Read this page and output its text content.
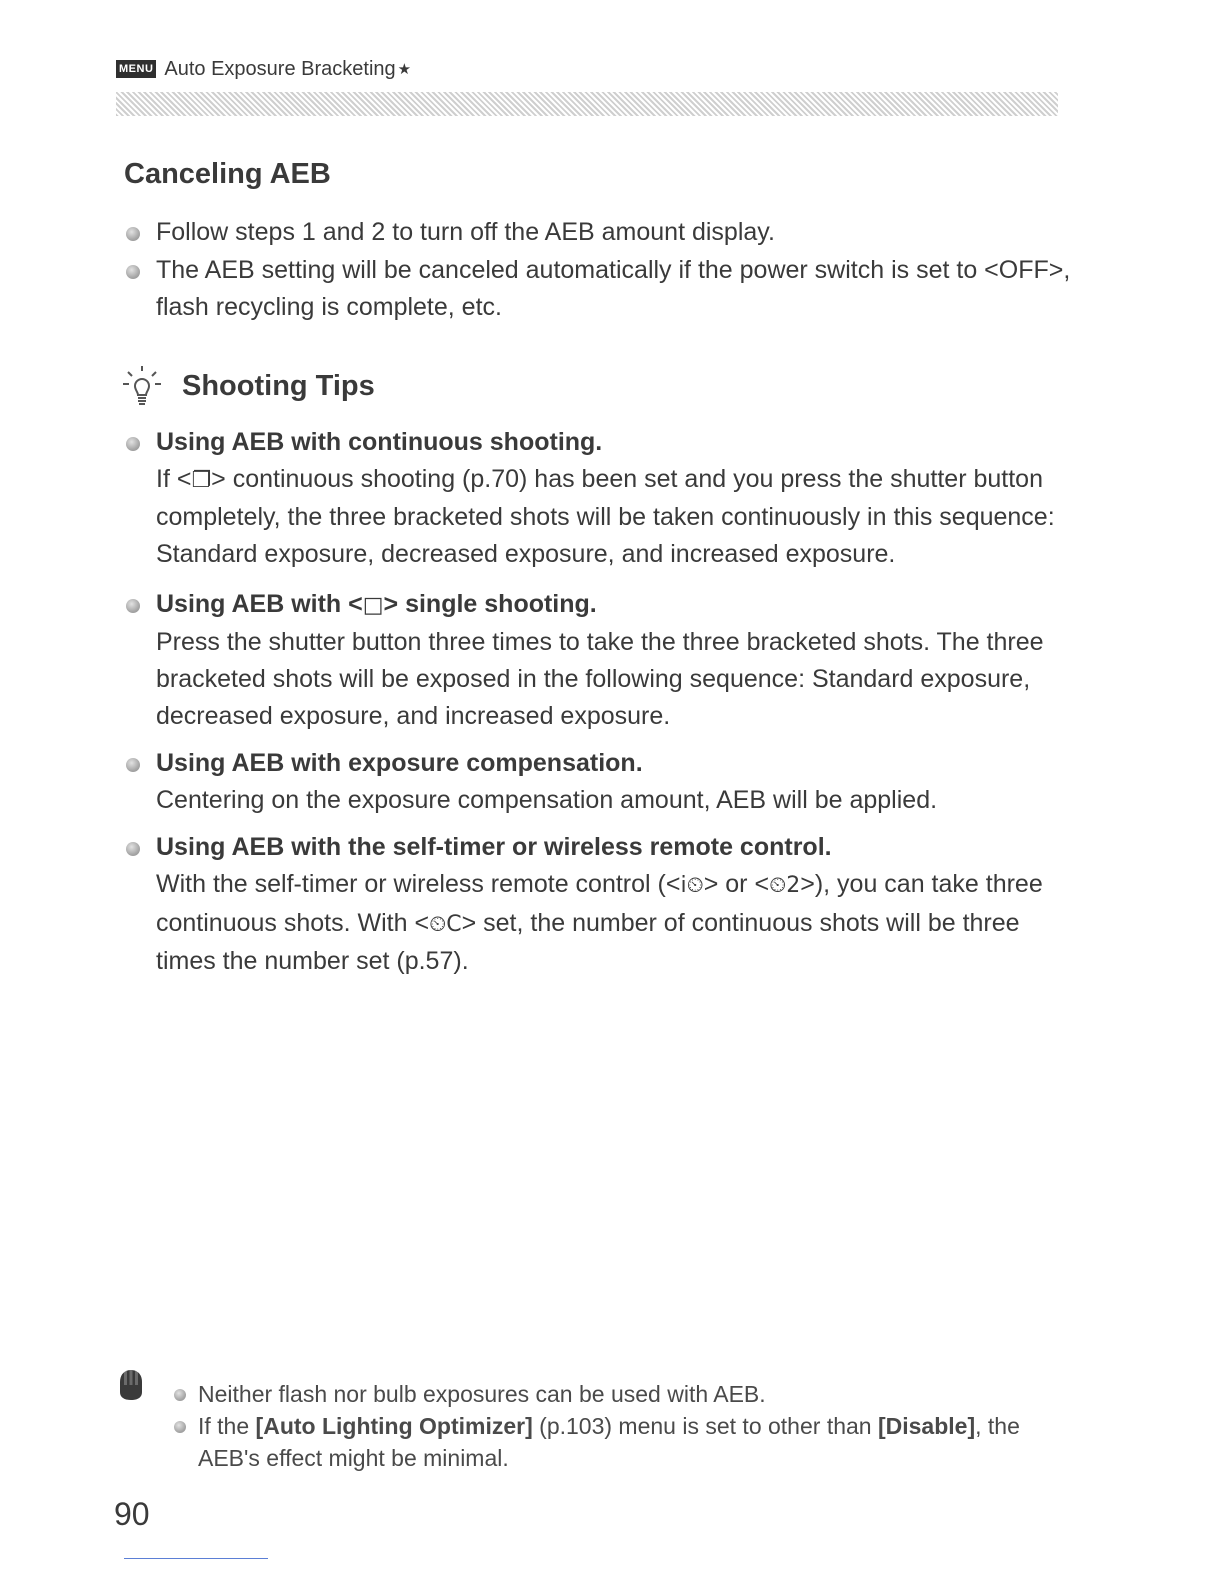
MENU Auto Exposure Bracketing ★
Canceling AEB
Follow steps 1 and 2 to turn off the AEB amount display.
The AEB setting will be canceled automatically if the power switch is set to <OFF>, flash recycling is complete, etc.
Shooting Tips
Using AEB with continuous shooting.
If <❐> continuous shooting (p.70) has been set and you press the shutter button completely, the three bracketed shots will be taken continuously in this sequence: Standard exposure, decreased exposure, and increased exposure.
Using AEB with <□> single shooting.
Press the shutter button three times to take the three bracketed shots. The three bracketed shots will be exposed in the following sequence: Standard exposure, decreased exposure, and increased exposure.
Using AEB with exposure compensation.
Centering on the exposure compensation amount, AEB will be applied.
Using AEB with the self-timer or wireless remote control.
With the self-timer or wireless remote control (<ⅰ⏲> or <⏲2>), you can take three continuous shots. With <⏲C> set, the number of continuous shots will be three times the number set (p.57).
Neither flash nor bulb exposures can be used with AEB.
If the [Auto Lighting Optimizer] (p.103) menu is set to other than [Disable], the AEB's effect might be minimal.
90
